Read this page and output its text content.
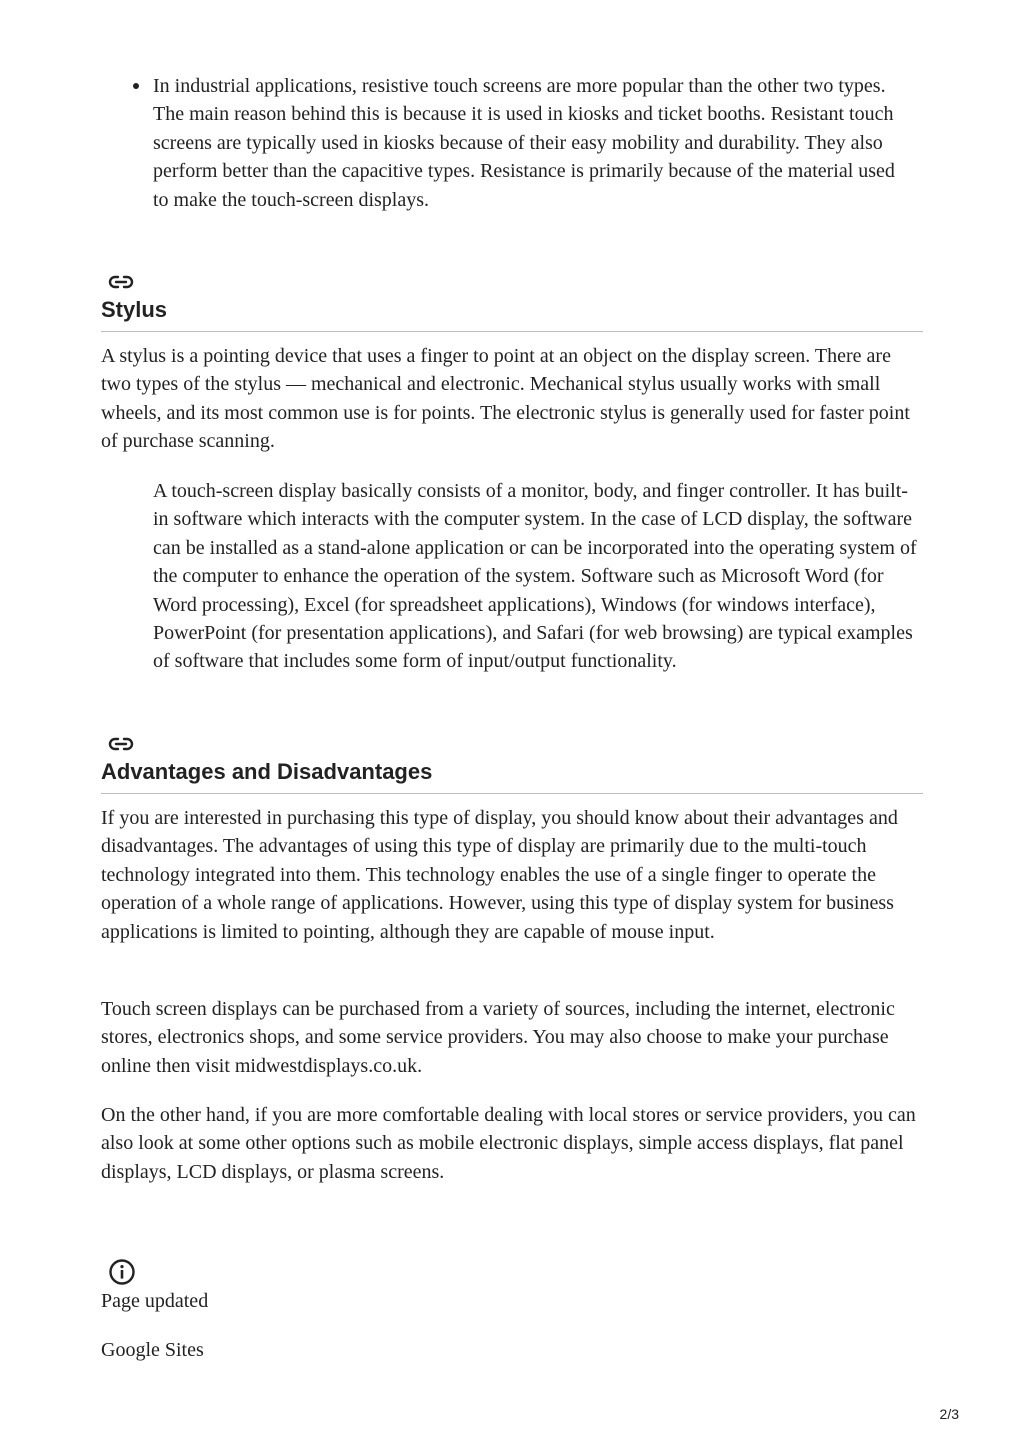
In industrial applications, resistive touch screens are more popular than the other two types. The main reason behind this is because it is used in kiosks and ticket booths. Resistant touch screens are typically used in kiosks because of their easy mobility and durability. They also perform better than the capacitive types. Resistance is primarily because of the material used to make the touch-screen displays.
Stylus

A stylus is a pointing device that uses a finger to point at an object on the display screen. There are two types of the stylus — mechanical and electronic. Mechanical stylus usually works with small wheels, and its most common use is for points. The electronic stylus is generally used for faster point of purchase scanning.

A touch-screen display basically consists of a monitor, body, and finger controller. It has built-in software which interacts with the computer system. In the case of LCD display, the software can be installed as a stand-alone application or can be incorporated into the operating system of the computer to enhance the operation of the system. Software such as Microsoft Word (for Word processing), Excel (for spreadsheet applications), Windows (for windows interface), PowerPoint (for presentation applications), and Safari (for web browsing) are typical examples of software that includes some form of input/output functionality.

Advantages and Disadvantages

If you are interested in purchasing this type of display, you should know about their advantages and disadvantages. The advantages of using this type of display are primarily due to the multi-touch technology integrated into them. This technology enables the use of a single finger to operate the operation of a whole range of applications. However, using this type of display system for business applications is limited to pointing, although they are capable of mouse input.

Touch screen displays can be purchased from a variety of sources, including the internet, electronic stores, electronics shops, and some service providers. You may also choose to make your purchase online then visit midwestdisplays.co.uk.

On the other hand, if you are more comfortable dealing with local stores or service providers, you can also look at some other options such as mobile electronic displays, simple access displays, flat panel displays, LCD displays, or plasma screens.

Page updated
Google Sites
2/3
